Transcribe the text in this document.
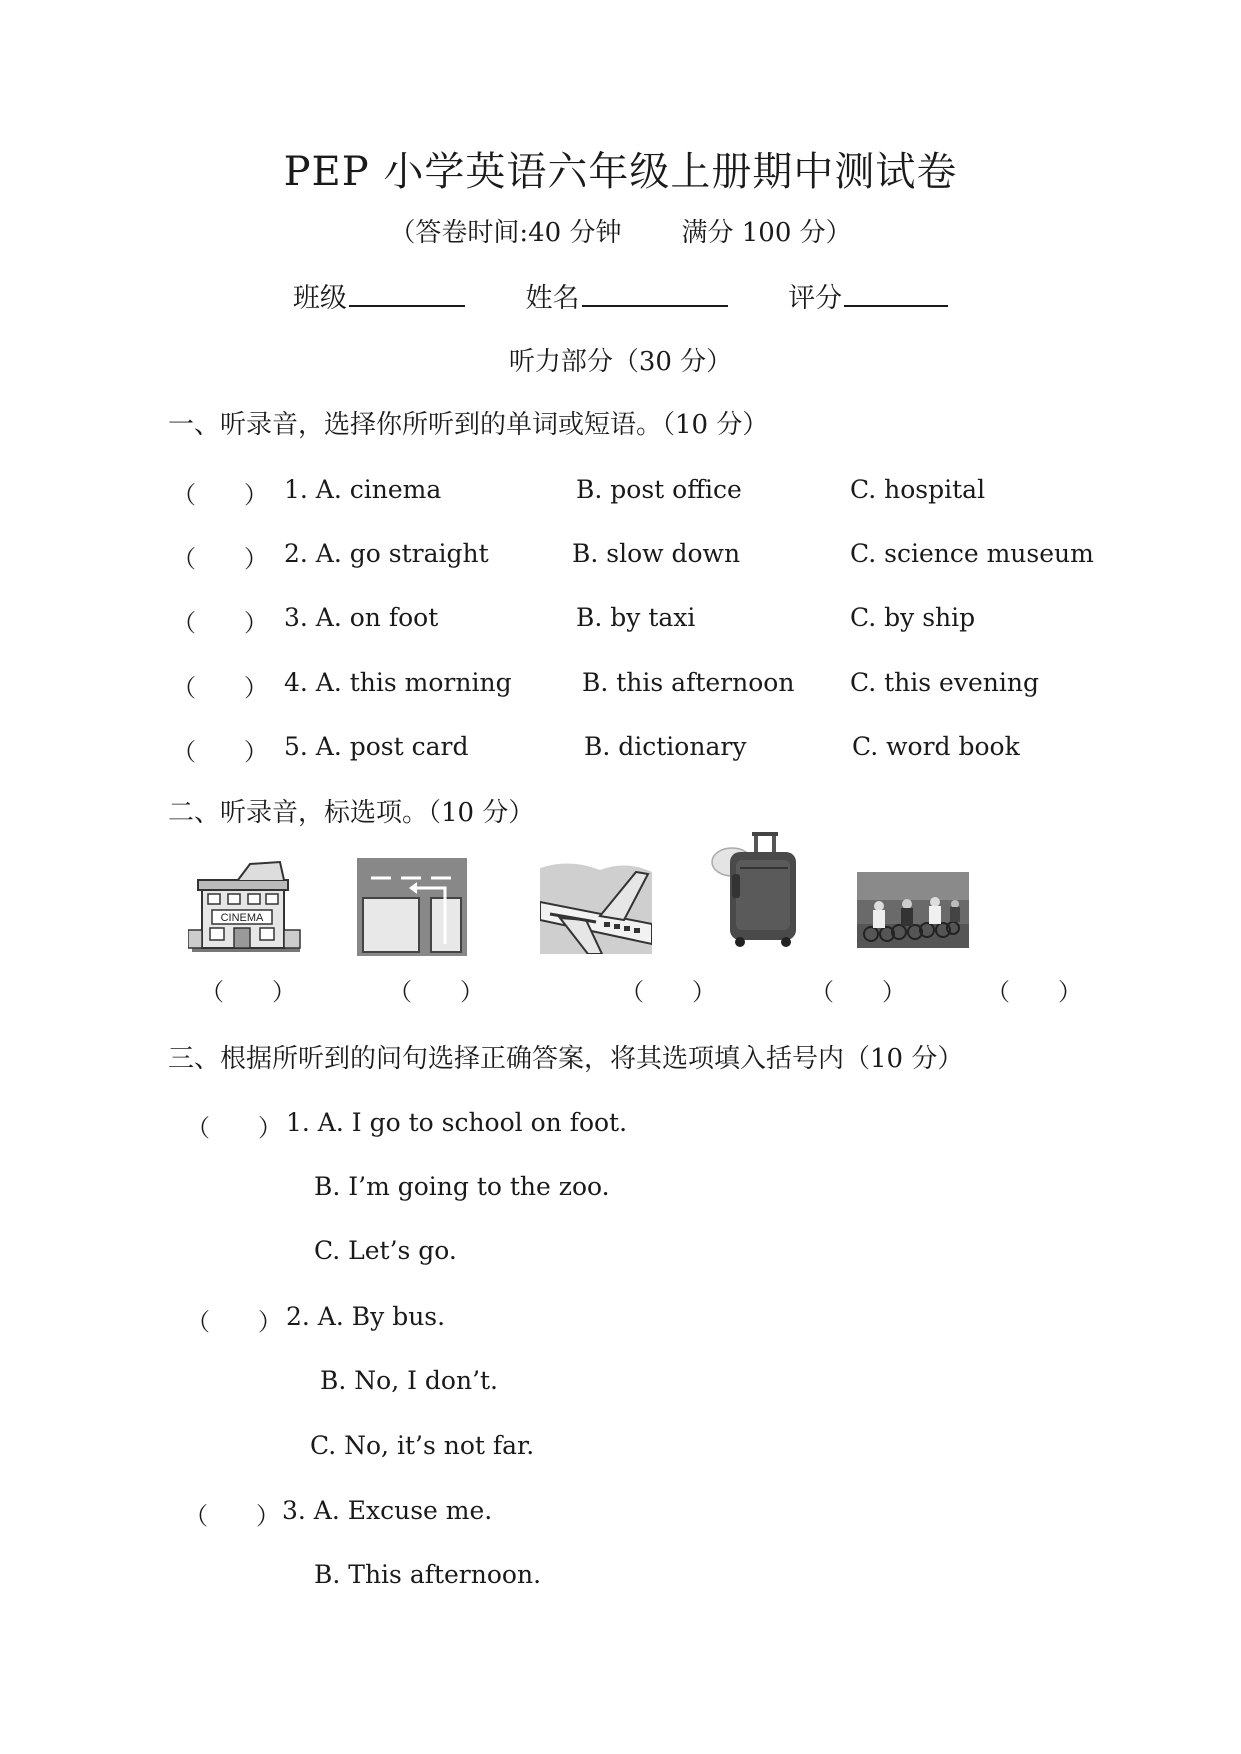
PEP 小学英语六年级上册期中测试卷
（答卷时间:40 分钟 满分 100 分）
班级	姓名	评分
听力部分（30 分）
一、听录音，选择你所听到的单词或短语。（10 分）
（　　） 1. A. cinema	B. post office	C. hospital
（　　） 2. A. go straight	B. slow down	C. science museum
（　　） 3. A. on foot	B. by taxi	C. by ship
（　　） 4. A. this morning	B. this afternoon C. this evening
（　　） 5. A. post card	B. dictionary	C. word book
二、听录音，标选项。（10 分）
CINEMA
（　　）	（　　）	（　　）	（　　）	（　　）
三、根据所听到的问句选择正确答案，将其选项填入括号内（10 分）
（　　） 1. A. I go to school on foot.
B. I’m going to the zoo.
C. Let’s go.
（　　） 2. A. By bus.
B. No, I don’t.
C. No, it’s not far.
（　　） 3. A. Excuse me.
B. This afternoon.
